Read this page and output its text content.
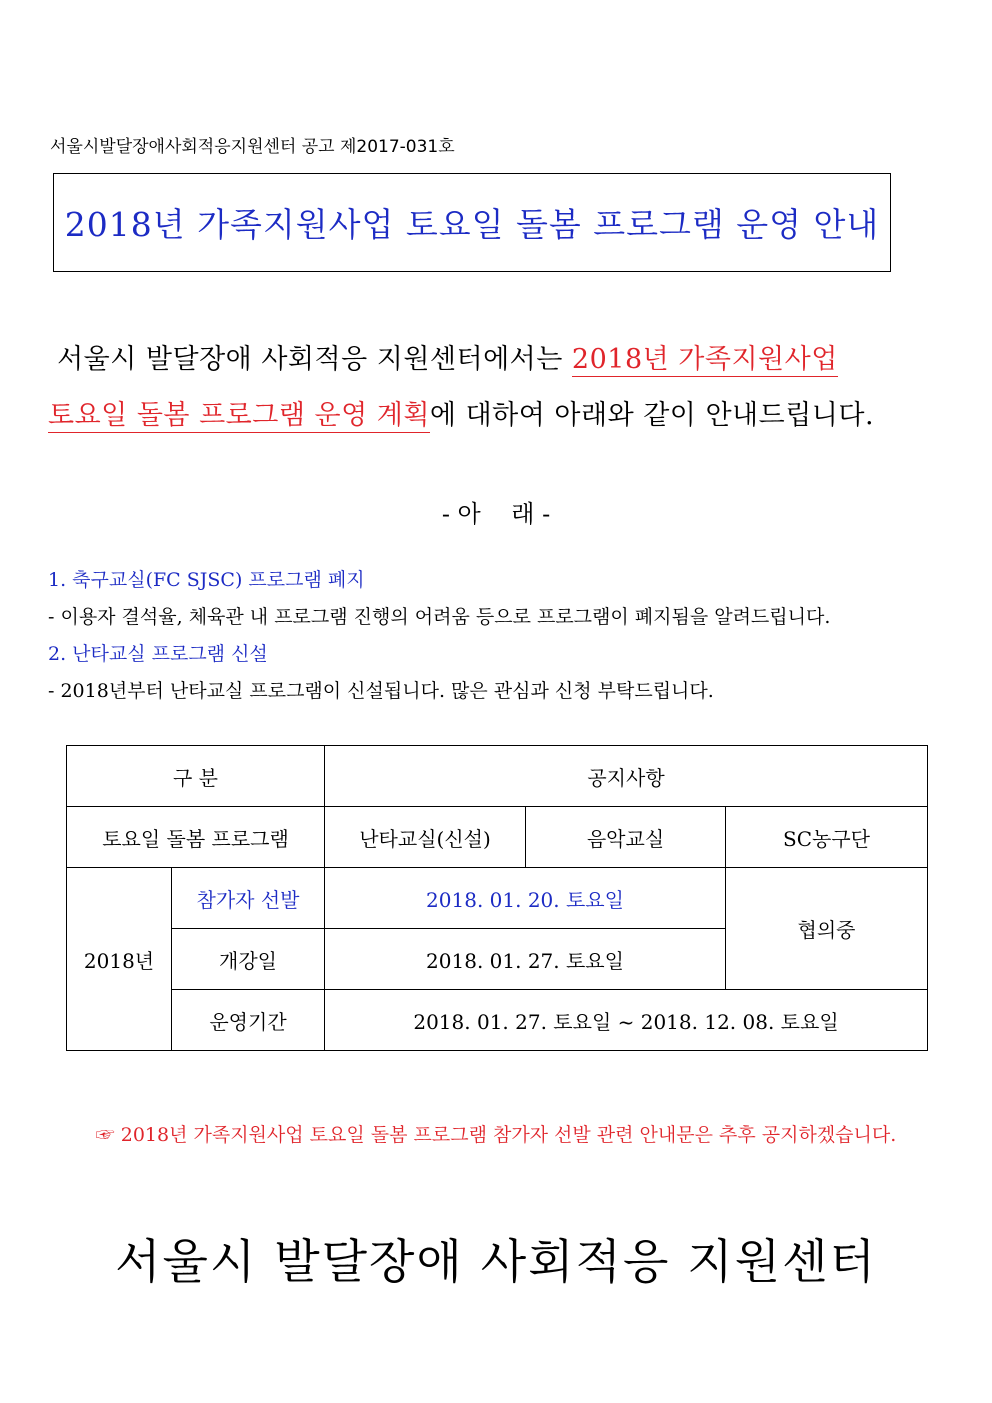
서울시발달장애사회적응지원센터 공고 제2017-031호
2018년 가족지원사업 토요일 돌봄 프로그램 운영 안내
서울시 발달장애 사회적응 지원센터에서는 2018년 가족지원사업
토요일 돌봄 프로그램 운영 계획에 대하여 아래와 같이 안내드립니다.
- 아    래 -
1. 축구교실(FC SJSC) 프로그램 폐지
- 이용자 결석율, 체육관 내 프로그램 진행의 어려움 등으로 프로그램이 폐지됨을 알려드립니다.
2. 난타교실 프로그램 신설
- 2018년부터 난타교실 프로그램이 신설됩니다. 많은 관심과 신청 부탁드립니다.
구 분		공지사항		
토요일 돌봄 프로그램		난타교실(신설)	음악교실	SC농구단
2018년	참가자 선발	2018. 01. 20. 토요일		협의중
	개강일	2018. 01. 27. 토요일		
	운영기간	2018. 01. 27. 토요일 ~ 2018. 12. 08. 토요일		
☞ 2018년 가족지원사업 토요일 돌봄 프로그램 참가자 선발 관련 안내문은 추후 공지하겠습니다.
서울시 발달장애 사회적응 지원센터
